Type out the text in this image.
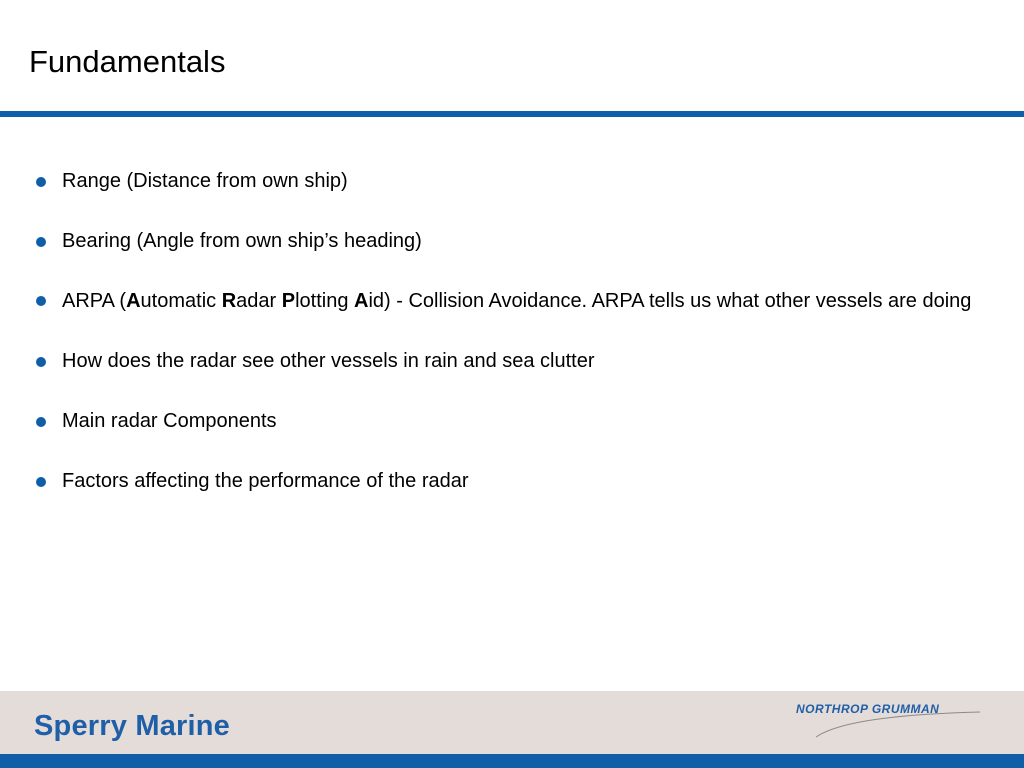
Fundamentals
Range (Distance from own ship)
Bearing (Angle from own ship’s heading)
ARPA (Automatic Radar Plotting Aid) - Collision Avoidance. ARPA tells us what other vessels are doing
How does the radar see other vessels in rain and sea clutter
Main radar Components
Factors affecting the performance of the radar
Sperry Marine
NORTHROP GRUMMAN
